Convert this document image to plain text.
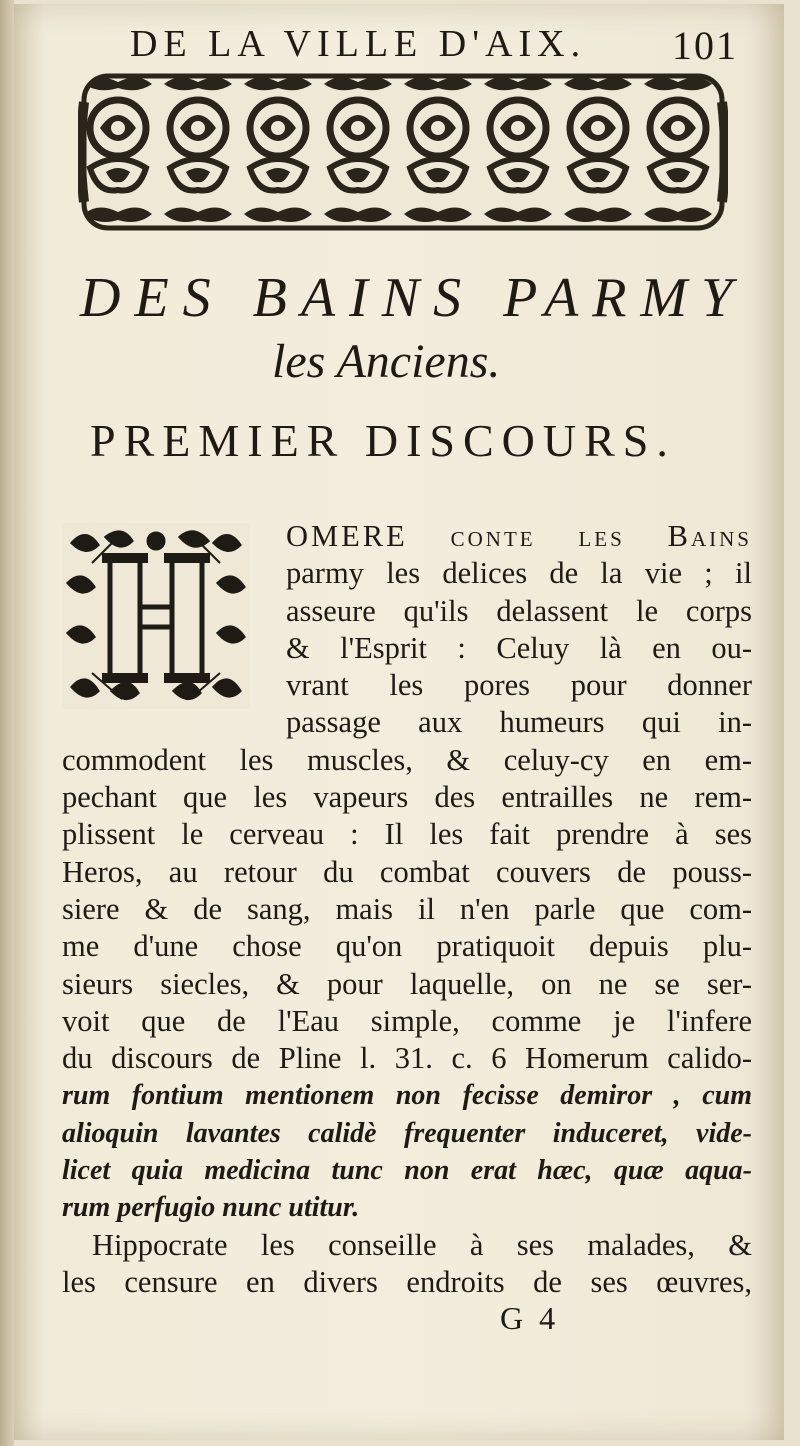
DE LA VILLE D'AIX. 101
DES BAINS PARMY
les Anciens.
PREMIER DISCOURS.
OMERE conte les Bains
parmy les delices de la vie ; il
asseure qu'ils delassent le corps
& l'Esprit : Celuy là en ou-
vrant les pores pour donner
passage aux humeurs qui in-
commodent les muscles, & celuy-cy en em-
pechant que les vapeurs des entrailles ne rem-
plissent le cerveau : Il les fait prendre à ses
Heros, au retour du combat couvers de pouss-
siere & de sang, mais il n'en parle que com-
me d'une chose qu'on pratiquoit depuis plu-
sieurs siecles, & pour laquelle, on ne se ser-
voit que de l'Eau simple, comme je l'infere
du discours de Pline l. 31. c. 6 Homerum calido-
rum fontium mentionem non fecisse demiror , cum
alioquin lavantes calidè frequenter induceret, vide-
licet quia medicina tunc non erat hæc, quæ aqua-
rum perfugio nunc utitur.
Hippocrate les conseille à ses malades, &
les censure en divers endroits de ses œuvres,
G 4
